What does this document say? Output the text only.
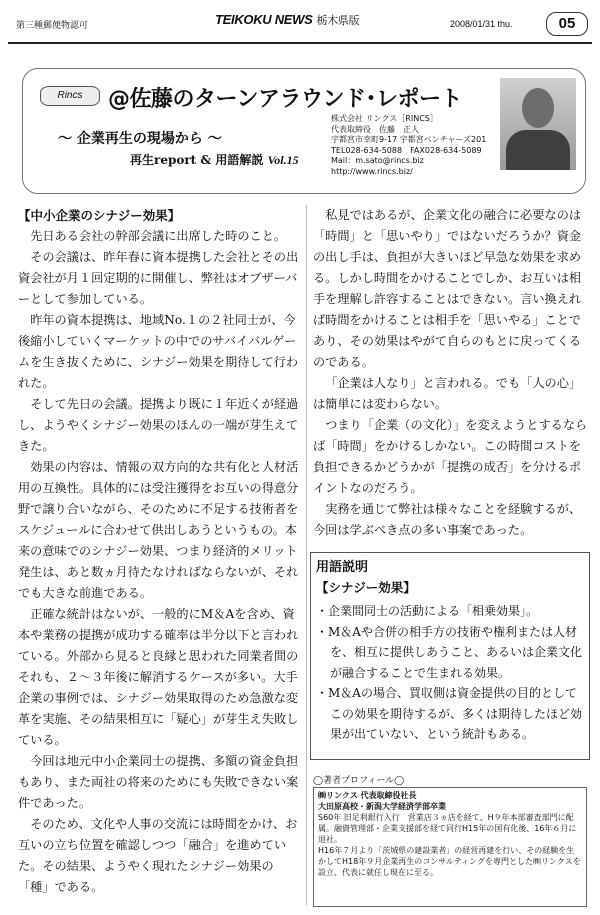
第三種郵便物認可	TEIKOKU NEWS 栃木県版	2008/01/31 thu.	05
Rincs	@佐藤のターンアラウンド･レポート
～ 企業再生の現場から ～
再生report & 用語解説 Vol.15
株式会社 リンクス［RINCS］
代表取締役　佐藤　正人
宇都宮市幸町9-17 宇都宮ベンチャーズ201
TEL028-634-5088　FAX028-634-5089
Mail：m.sato@rincs.biz
http://www.rincs.biz/

【中小企業のシナジー効果】

先日ある会社の幹部会議に出席した時のこと。

その会議は、昨年春に資本提携した会社とその出資会社が月１回定期的に開催し、弊社はオブザーバーとして参加している。

昨年の資本提携は、地域No.１の２社同士が、今後縮小していくマーケットの中でのサバイバルゲームを生き抜くために、シナジー効果を期待して行われた。

そして先日の会議。提携より既に１年近くが経過し、ようやくシナジー効果のほんの一端が芽生えてきた。

効果の内容は、情報の双方向的な共有化と人材活用の互換性。具体的には受注獲得をお互いの得意分野で譲り合いながら、そのために不足する技術者をスケジュールに合わせて供出しあうというもの。本来の意味でのシナジー効果、つまり経済的メリット発生は、あと数ヵ月待たなければならないが、それでも大きな前進である。

正確な統計はないが、一般的にM＆Aを含め、資本や業務の提携が成功する確率は半分以下と言われている。外部から見ると良縁と思われた同業者間のそれも、２～３年後に解消するケースが多い。大手企業の事例では、シナジー効果取得のため急激な変革を実施、その結果相互に「疑心」が芽生え失敗している。

今回は地元中小企業同士の提携、多額の資金負担もあり、また両社の将来のためにも失敗できない案件であった。

そのため、文化や人事の交流には時間をかけ、お互いの立ち位置を確認しつつ「融合」を進めていた。その結果、ようやく現れたシナジー効果の「種」である。

私見ではあるが、企業文化の融合に必要なのは「時間」と「思いやり」ではないだろうか？資金の出し手は、負担が大きいほど早急な効果を求める。しかし時間をかけることでしか、お互いは相手を理解し許容することはできない。言い換えれば時間をかけることは相手を「思いやる」ことであり、その効果はやがて自らのもとに戻ってくるのである。

「企業は人なり」と言われる。でも「人の心」は簡単には変わらない。

つまり「企業（の文化）」を変えようとするならば「時間」をかけるしかない。この時間コストを負担できるかどうかが「提携の成否」を分けるポイントなのだろう。

実務を通じて弊社は様々なことを経験するが、今回は学ぶべき点の多い事案であった。

用語説明
【シナジー効果】
・企業間同士の活動による「相乗効果」。
・M＆Aや合併の相手方の技術や権利または人材を、相互に提供しあうこと、あるいは企業文化が融合することで生まれる効果。
・M＆Aの場合、買収側は資金提供の目的としてこの効果を期待するが、多くは期待したほど効果が出ていない、という統計もある。
◯著者プロフィール◯
㈱リンクス 代表取締役社長
大田原高校・新潟大学経済学部卒業
S60年 旧足利銀行入行　営業店３ヵ店を経て、H９年本部審査部門に配属。融資管理部・企業支援部を経て同行H15年の国有化後、16年６月に退社。
H16年７月より「茨城県の建設業者」の経営再建を行い、その経験を生かしてH18年９月企業再生のコンサルティングを専門とした㈱リンクスを設立、代表に就任し現在に至る。
